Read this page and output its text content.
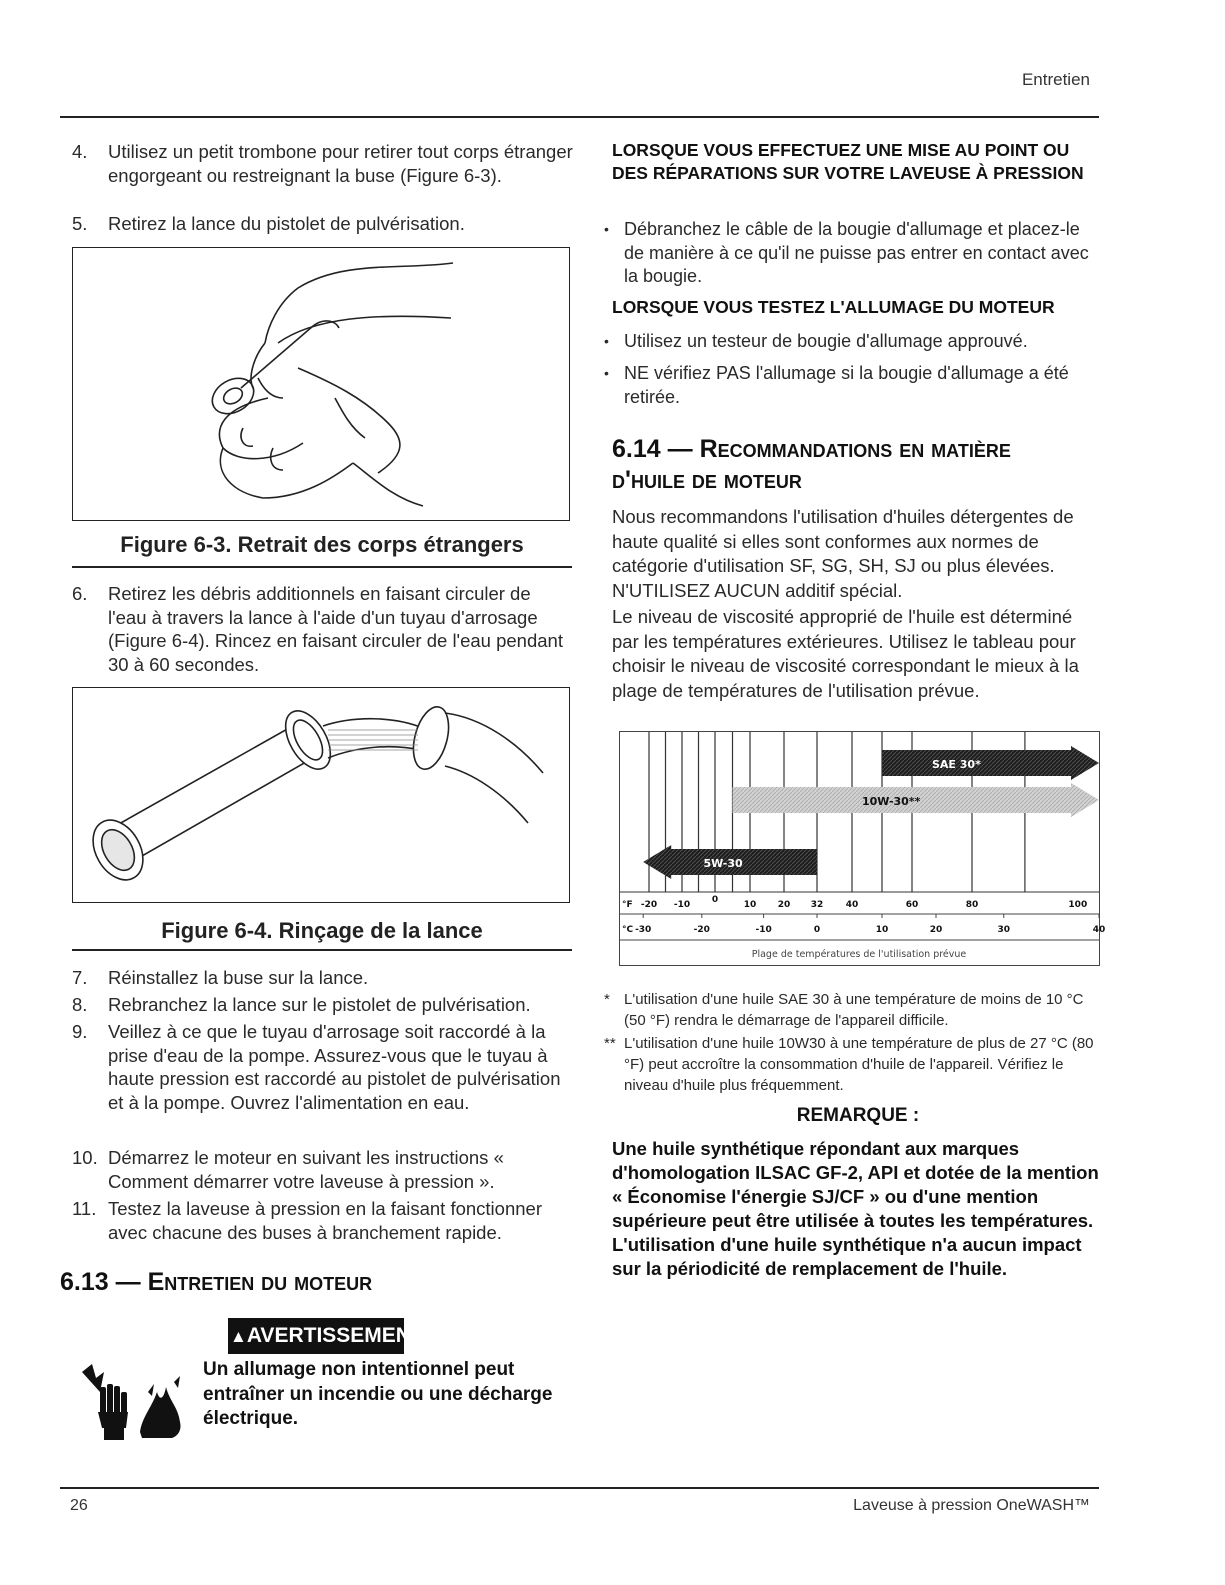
Entretien
4. Utilisez un petit trombone pour retirer tout corps étranger engorgeant ou restreignant la buse (Figure 6-3).
5. Retirez la lance du pistolet de pulvérisation.
Figure 6-3. Retrait des corps étrangers
6. Retirez les débris additionnels en faisant circuler de l'eau à travers la lance à l'aide d'un tuyau d'arrosage (Figure 6-4). Rincez en faisant circuler de l'eau pendant 30 à 60 secondes.
Figure 6-4. Rinçage de la lance
7. Réinstallez la buse sur la lance.
8. Rebranchez la lance sur le pistolet de pulvérisation.
9. Veillez à ce que le tuyau d'arrosage soit raccordé à la prise d'eau de la pompe. Assurez-vous que le tuyau à haute pression est raccordé au pistolet de pulvérisation et à la pompe. Ouvrez l'alimentation en eau.
10. Démarrez le moteur en suivant les instructions « Comment démarrer votre laveuse à pression ».
11. Testez la laveuse à pression en la faisant fonctionner avec chacune des buses à branchement rapide.
6.13 — Entretien du moteur
▲AVERTISSEMENT!
Un allumage non intentionnel peut entraîner un incendie ou une décharge électrique.
LORSQUE VOUS EFFECTUEZ UNE MISE AU POINT OU DES RÉPARATIONS SUR VOTRE LAVEUSE À PRESSION
• Débranchez le câble de la bougie d'allumage et placez-le de manière à ce qu'il ne puisse pas entrer en contact avec la bougie.
LORSQUE VOUS TESTEZ L'ALLUMAGE DU MOTEUR
• Utilisez un testeur de bougie d'allumage approuvé.
• NE vérifiez PAS l'allumage si la bougie d'allumage a été retirée.
6.14 — Recommandations en matière
d'huile de moteur
Nous recommandons l'utilisation d'huiles détergentes de haute qualité si elles sont conformes aux normes de catégorie d'utilisation SF, SG, SH, SJ ou plus élevées. N'UTILISEZ AUCUN additif spécial.
Le niveau de viscosité approprié de l'huile est déterminé par les températures extérieures. Utilisez le tableau pour choisir le niveau de viscosité correspondant le mieux à la plage de températures de l'utilisation prévue.
SAE 30*
10W-30**
5W-30
°F -20 -10 0	10 20 32 40	60	80	100
°C -30	-20	-10	0	10	20	30	40
Plage de températures de l'utilisation prévue
* L'utilisation d'une huile SAE 30 à une température de moins de 10 °C (50 °F) rendra le démarrage de l'appareil difficile.
** L'utilisation d'une huile 10W30 à une température de plus de 27 °C (80 °F) peut accroître la consommation d'huile de l'appareil. Vérifiez le niveau d'huile plus fréquemment.
REMARQUE :
Une huile synthétique répondant aux marques d'homologation ILSAC GF-2, API et dotée de la mention « Économise l'énergie SJ/CF » ou d'une mention supérieure peut être utilisée à toutes les températures. L'utilisation d'une huile synthétique n'a aucun impact sur la périodicité de remplacement de l'huile.
26	Laveuse à pression OneWASH™
